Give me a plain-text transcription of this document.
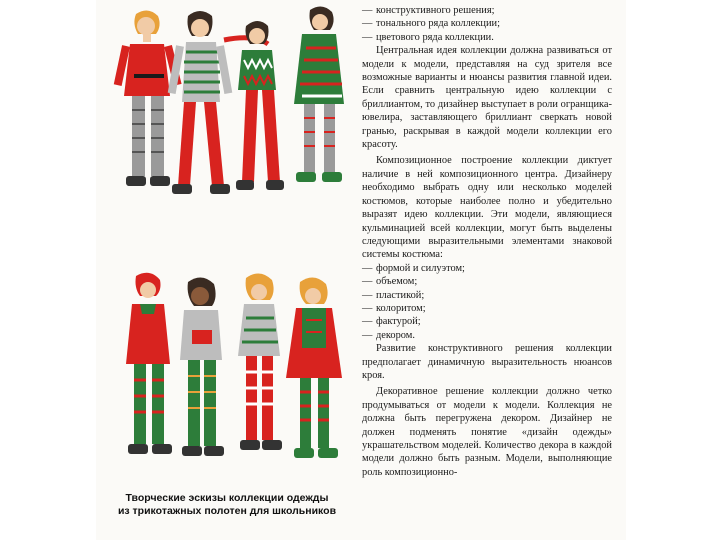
Творческие эскизы коллекции одежды
из трикотажных полотен для школьников
— конструктивного решения;
— тонального ряда коллекции;
— цветового ряда коллекции.

Центральная идея коллекции должна развиваться от модели к модели, представляя на суд зрителя все возможные варианты и нюансы развития главной идеи. Если сравнить центральную идею коллекции с бриллиантом, то дизайнер выступает в роли огранщика-ювелира, заставляющего бриллиант сверкать новой гранью, раскрывая в каждой модели коллекции его красоту.

Композиционное построение коллекции диктует наличие в ней композиционного центра. Дизайнеру необходимо выбрать одну или несколько моделей костюмов, которые наиболее полно и убедительно выразят идею коллекции. Эти модели, являющиеся кульминацией всей коллекции, могут быть выделены следующими выразительными элементами знаковой системы костюма:

— формой и силуэтом;
— объемом;
— пластикой;
— колоритом;
— фактурой;
— декором.

Развитие конструктивного решения коллекции предполагает динамичную выразительность нюансов кроя.

Декоративное решение коллекции должно четко продумываться от модели к модели. Коллекция не должна быть перегружена декором. Дизайнер не должен подменять понятие «дизайн одежды» украшательством моделей. Количество декора в каждой модели должно быть разным. Модели, выполняющие роль композиционно-
